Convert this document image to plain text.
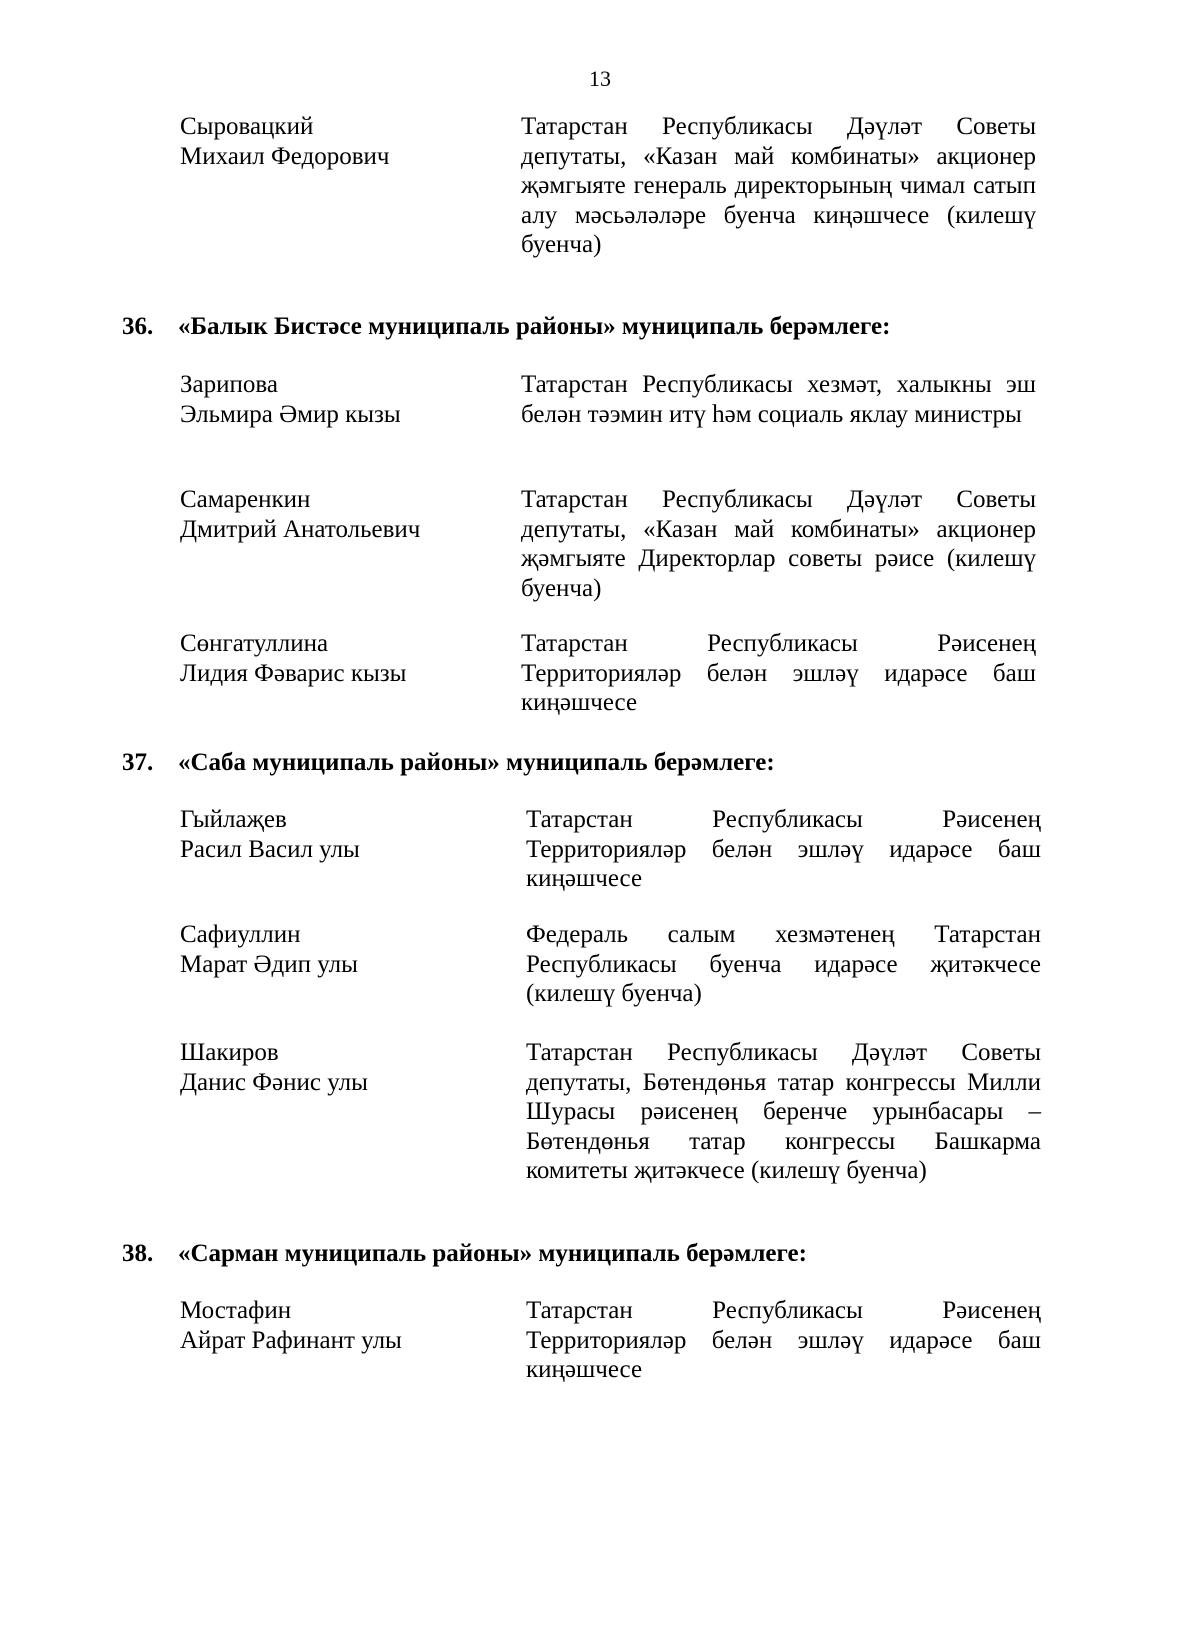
13
Сыровацкий
Михаил Федорович
Татарстан Республикасы Дәүләт Советы депутаты, «Казан май комбинаты» акционер җәмгыяте генераль директорының чимал сатып алу мәсьәләләре буенча киңәшчесе (килешү буенча)
36. «Балык Бистәсе муниципаль районы» муниципаль берәмлеге:
Зарипова
Эльмира Әмир кызы
Татарстан Республикасы хезмәт, халыкны эш белән тәэмин итү һәм социаль яклау министры
Самаренкин
Дмитрий Анатольевич
Татарстан Республикасы Дәүләт Советы депутаты, «Казан май комбинаты» акционер җәмгыяте Директорлар советы рәисе (килешү буенча)
Сөнгатуллина
Лидия Фәварис кызы
Татарстан Республикасы Рәисенең Территорияләр белән эшләү идарәсе баш киңәшчесе
37. «Саба муниципаль районы» муниципаль берәмлеге:
Гыйлаҗев
Расил Васил улы
Татарстан Республикасы Рәисенең Территорияләр белән эшләү идарәсе баш киңәшчесе
Сафиуллин
Марат Әдип улы
Федераль салым хезмәтенең Татарстан Республикасы буенча идарәсе җитәкчесе (килешү буенча)
Шакиров
Данис Фәнис улы
Татарстан Республикасы Дәүләт Советы депутаты, Бөтендөнья татар конгрессы Милли Шурасы рәисенең беренче урынбасары – Бөтендөнья татар конгрессы Башкарма комитеты җитәкчесе (килешү буенча)
38. «Сарман муниципаль районы» муниципаль берәмлеге:
Мостафин
Айрат Рафинант улы
Татарстан Республикасы Рәисенең Территорияләр белән эшләү идарәсе баш киңәшчесе
